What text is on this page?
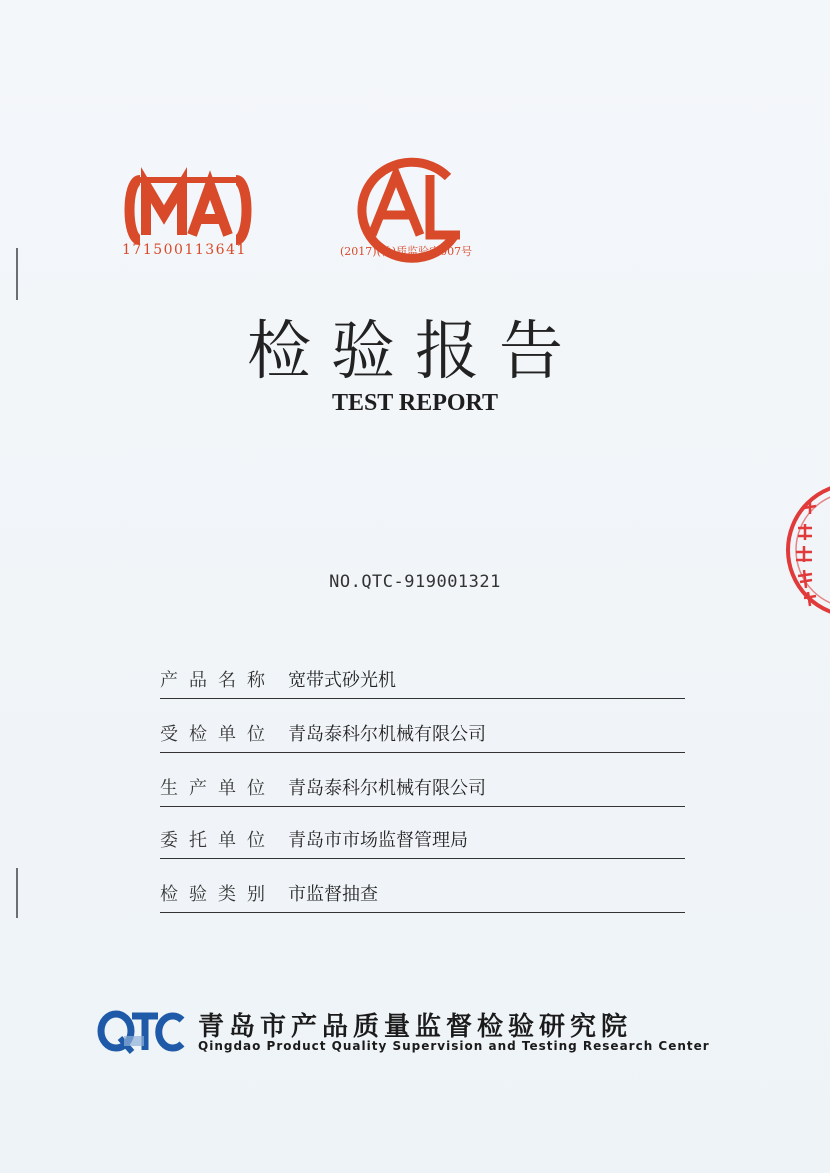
171500113641	(2017)(鲁)质监验字007号
检验报告
TEST REPORT
NO.QTC-919001321
产品名称 宽带式砂光机
受检单位 青岛泰科尔机械有限公司
生产单位 青岛泰科尔机械有限公司
委托单位 青岛市市场监督管理局
检验类别 市监督抽查
青岛市产品质量监督检验研究院
Qingdao Product Quality Supervision and Testing Research Center
